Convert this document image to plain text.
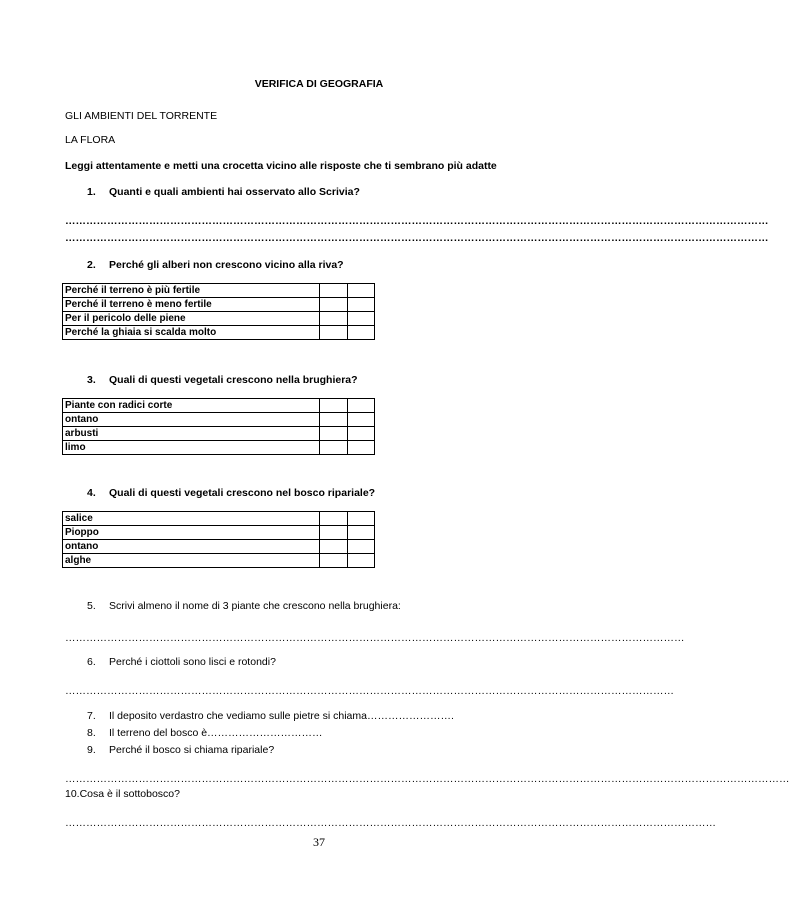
VERIFICA DI GEOGRAFIA
GLI AMBIENTI DEL TORRENTE
LA FLORA
Leggi attentamente e metti una crocetta vicino alle risposte che ti sembrano più adatte
1. Quanti e quali ambienti hai osservato allo Scrivia?
…………………………………………………………………………………………………………………………………………………………………………………
…………………………………………………………………………………………………………………………………………………………………………………
2. Perché gli alberi non crescono vicino alla riva?
Perché il terreno è più fertile		
Perché il terreno è meno fertile		
Per il pericolo delle piene		
Perché la ghiaia si scalda molto		
3. Quali di questi vegetali crescono nella brughiera?
Piante con radici corte		
ontano		
arbusti		
limo		
4. Quali di questi vegetali crescono nel bosco ripariale?
salice		
Pioppo		
ontano		
alghe		
5. Scrivi almeno il nome di 3 piante che crescono nella brughiera:
……………………………………………………………………………………………………………………………………………………………
6. Perché i ciottoli sono lisci e rotondi?
…………………………………………………………………………………………………………………………………………………………
7. Il deposito verdastro che vediamo sulle pietre si chiama…………………….
8. Il terreno del bosco è……………………………
9. Perché il bosco si chiama ripariale?
………………………………………………………………………………………………………………………………………………………………………………………
10.Cosa è il sottobosco?
……………………………………………………………………………………………………………………………………………………………………
37
